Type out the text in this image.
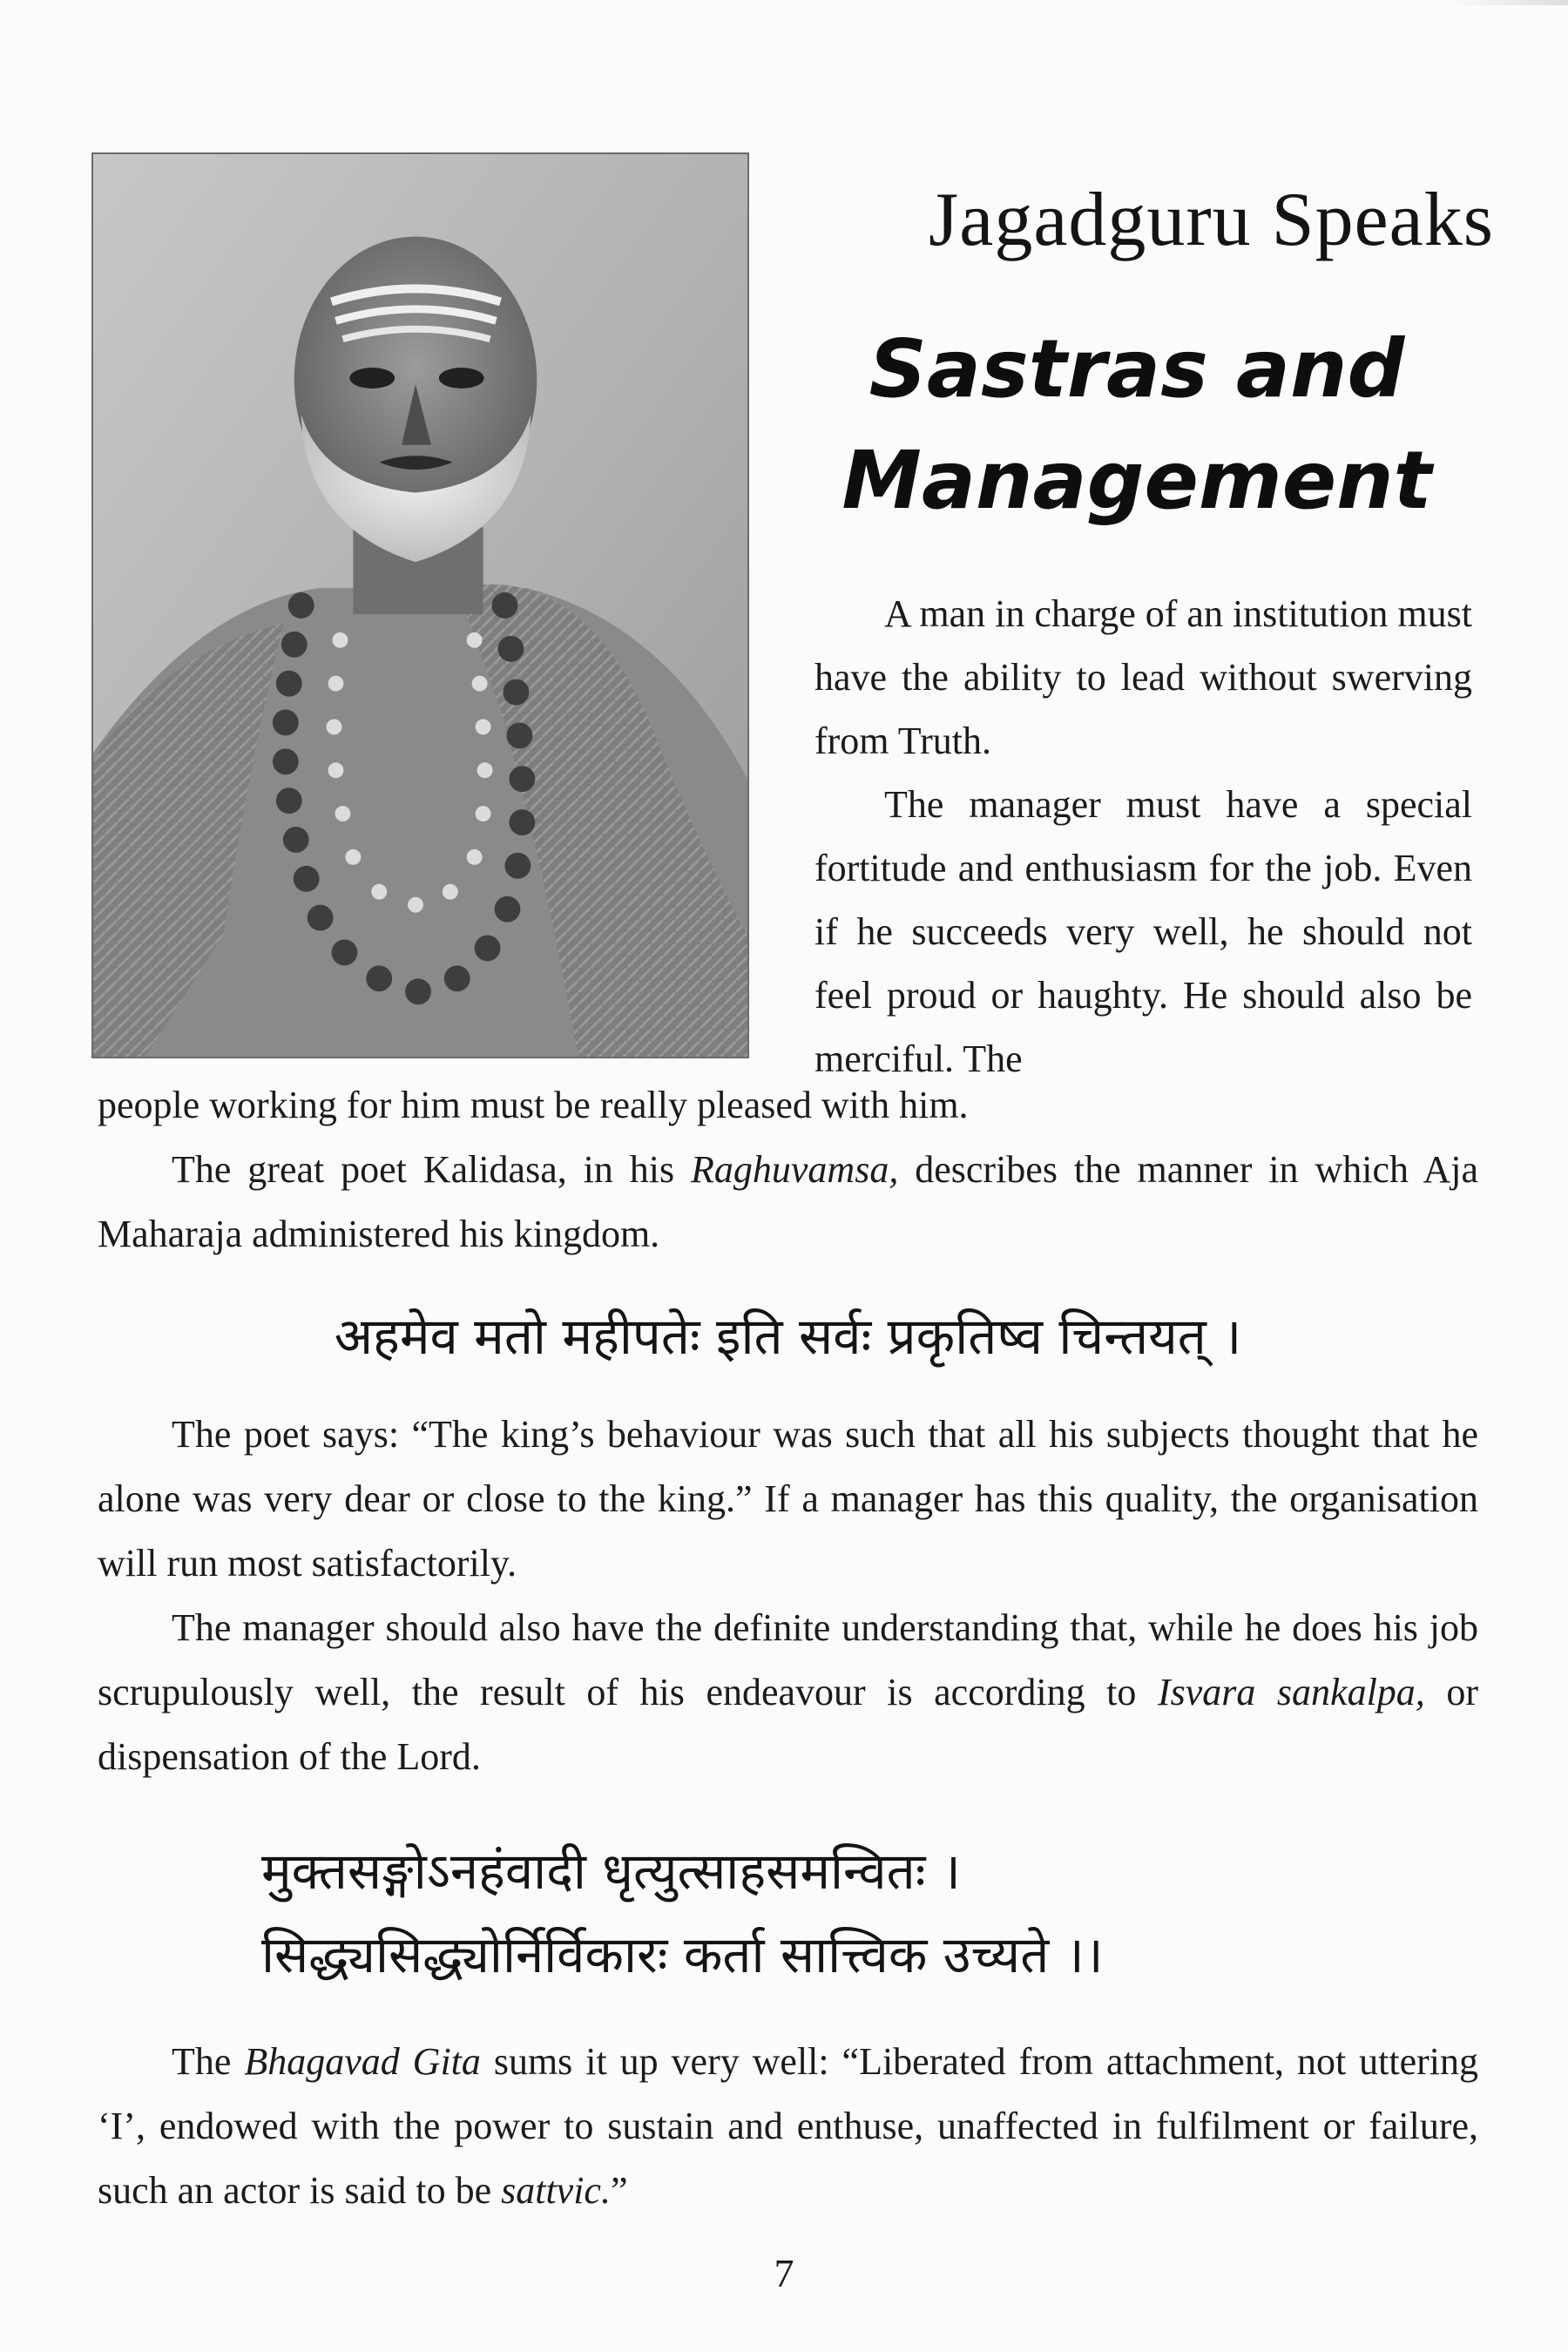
Jagadguru Speaks
Sastras and
Management

A man in charge of an institution must have the ability to lead without swerving from Truth.

The manager must have a special fortitude and enthusiasm for the job. Even if he succeeds very well, he should not feel proud or haughty. He should also be merciful. The

people working for him must be really pleased with him.

The great poet Kalidasa, in his Raghuvamsa, describes the manner in which Aja Maharaja administered his kingdom.

अहमेव मतो महीपतेः इति सर्वः प्रकृतिष्व चिन्तयत् ।

The poet says: “The king’s behaviour was such that all his subjects thought that he alone was very dear or close to the king.” If a manager has this quality, the organisation will run most satisfactorily.

The manager should also have the definite understanding that, while he does his job scrupulously well, the result of his endeavour is according to Isvara sankalpa, or dispensation of the Lord.

मुक्तसङ्गोऽनहंवादी धृत्युत्साहसमन्वितः ।
सिद्ध्यसिद्ध्योर्निर्विकारः कर्ता सात्त्विक उच्यते ।।

The Bhagavad Gita sums it up very well: “Liberated from attachment, not uttering ‘I’, endowed with the power to sustain and enthuse, unaffected in fulfilment or failure, such an actor is said to be sattvic.”

7
